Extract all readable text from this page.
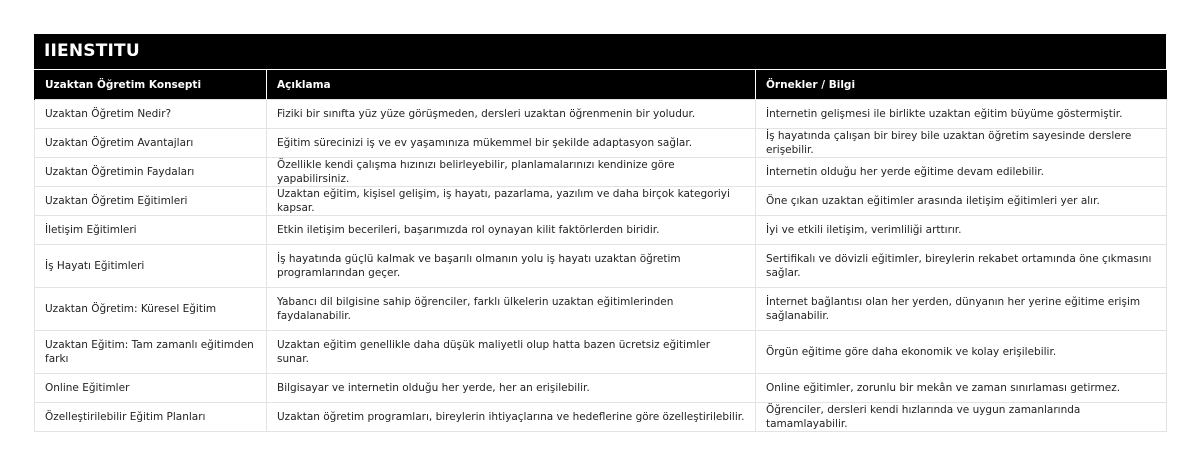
IIENSTITU
Uzaktan Öğretim Konsepti	Açıklama	Örnekler / Bilgi
Uzaktan Öğretim Nedir?	Fiziki bir sınıfta yüz yüze görüşmeden, dersleri uzaktan öğrenmenin bir yoludur.	İnternetin gelişmesi ile birlikte uzaktan eğitim büyüme göstermiştir.
Uzaktan Öğretim Avantajları	Eğitim sürecinizi iş ve ev yaşamınıza mükemmel bir şekilde adaptasyon sağlar.	İş hayatında çalışan bir birey bile uzaktan öğretim sayesinde derslere erişebilir.
Uzaktan Öğretimin Faydaları	Özellikle kendi çalışma hızınızı belirleyebilir, planlamalarınızı kendinize göre yapabilirsiniz.	İnternetin olduğu her yerde eğitime devam edilebilir.
Uzaktan Öğretim Eğitimleri	Uzaktan eğitim, kişisel gelişim, iş hayatı, pazarlama, yazılım ve daha birçok kategoriyi kapsar.	Öne çıkan uzaktan eğitimler arasında iletişim eğitimleri yer alır.
İletişim Eğitimleri	Etkin iletişim becerileri, başarımızda rol oynayan kilit faktörlerden biridir.	İyi ve etkili iletişim, verimliliği arttırır.
İş Hayatı Eğitimleri	İş hayatında güçlü kalmak ve başarılı olmanın yolu iş hayatı uzaktan öğretim programlarından geçer.	Sertifikalı ve dövizli eğitimler, bireylerin rekabet ortamında öne çıkmasını sağlar.
Uzaktan Öğretim: Küresel Eğitim	Yabancı dil bilgisine sahip öğrenciler, farklı ülkelerin uzaktan eğitimlerinden faydalanabilir.	İnternet bağlantısı olan her yerden, dünyanın her yerine eğitime erişim sağlanabilir.
Uzaktan Eğitim: Tam zamanlı eğitimden farkı	Uzaktan eğitim genellikle daha düşük maliyetli olup hatta bazen ücretsiz eğitimler sunar.	Örgün eğitime göre daha ekonomik ve kolay erişilebilir.
Online Eğitimler	Bilgisayar ve internetin olduğu her yerde, her an erişilebilir.	Online eğitimler, zorunlu bir mekân ve zaman sınırlaması getirmez.
Özelleştirilebilir Eğitim Planları	Uzaktan öğretim programları, bireylerin ihtiyaçlarına ve hedeflerine göre özelleştirilebilir.	Öğrenciler, dersleri kendi hızlarında ve uygun zamanlarında tamamlayabilir.
